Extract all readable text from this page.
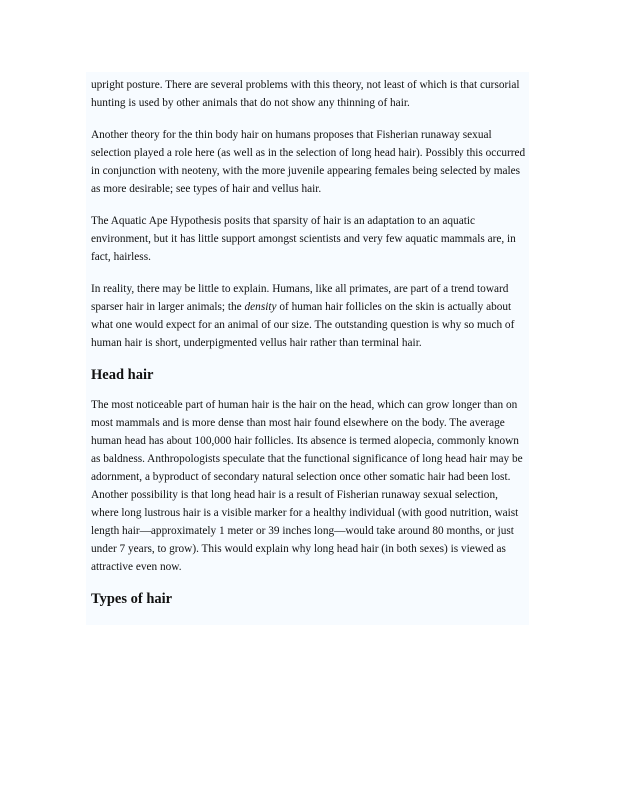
upright posture. There are several problems with this theory, not least of which is that cursorial hunting is used by other animals that do not show any thinning of hair.

Another theory for the thin body hair on humans proposes that Fisherian runaway sexual selection played a role here (as well as in the selection of long head hair). Possibly this occurred in conjunction with neoteny, with the more juvenile appearing females being selected by males as more desirable; see types of hair and vellus hair.

The Aquatic Ape Hypothesis posits that sparsity of hair is an adaptation to an aquatic environment, but it has little support amongst scientists and very few aquatic mammals are, in fact, hairless.

In reality, there may be little to explain. Humans, like all primates, are part of a trend toward sparser hair in larger animals; the density of human hair follicles on the skin is actually about what one would expect for an animal of our size. The outstanding question is why so much of human hair is short, underpigmented vellus hair rather than terminal hair.

Head hair

The most noticeable part of human hair is the hair on the head, which can grow longer than on most mammals and is more dense than most hair found elsewhere on the body. The average human head has about 100,000 hair follicles. Its absence is termed alopecia, commonly known as baldness. Anthropologists speculate that the functional significance of long head hair may be adornment, a byproduct of secondary natural selection once other somatic hair had been lost. Another possibility is that long head hair is a result of Fisherian runaway sexual selection, where long lustrous hair is a visible marker for a healthy individual (with good nutrition, waist length hair—approximately 1 meter or 39 inches long—would take around 80 months, or just under 7 years, to grow). This would explain why long head hair (in both sexes) is viewed as attractive even now.

Types of hair
